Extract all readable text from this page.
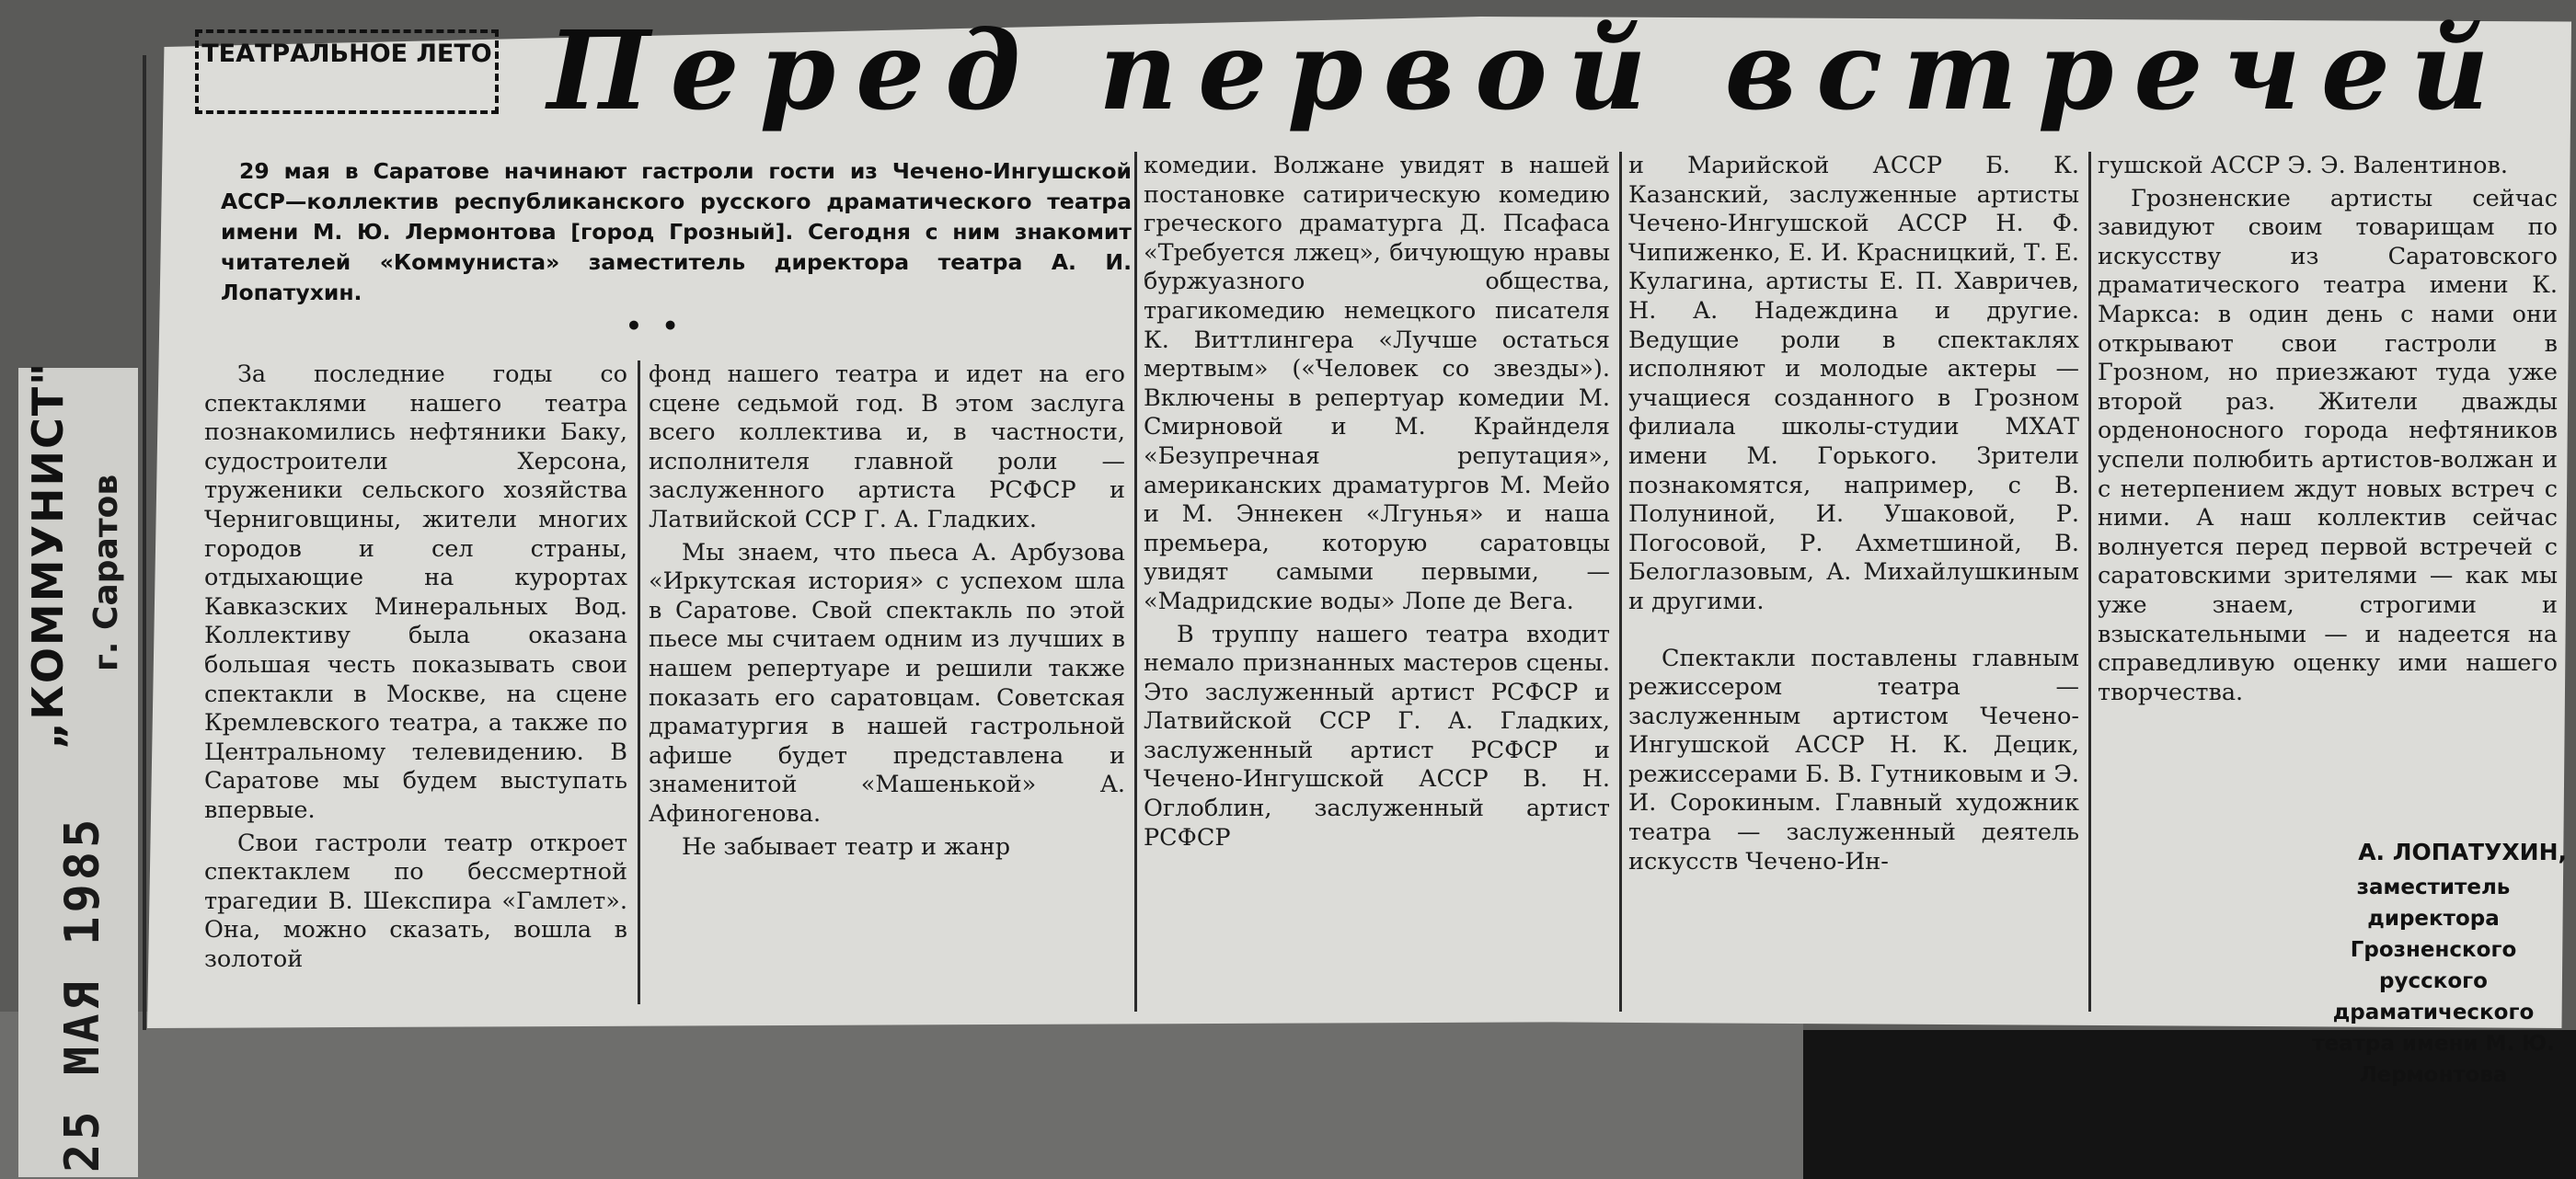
„КОММУНИСТ" г. Саратов
25 МАЯ 1985
ТЕАТРАЛЬНОЕ ЛЕТО Перед первой встречей

29 мая в Саратове начинают гастроли гости из Чечено-Ингушской АССР—коллектив республиканского русского драматического театра имени М. Ю. Лермонтова [город Грозный]. Сегодня с ним знакомит читателей «Коммуниста» заместитель директора театра А. И. Лопатухин.

• •

За последние годы со спектаклями нашего театра познакомились нефтяники Баку, судостроители Херсона, труженики сельского хозяйства Черниговщины, жители многих городов и сел страны, отдыхающие на курортах Кавказских Минеральных Вод. Коллективу была оказана большая честь показывать свои спектакли в Москве, на сцене Кремлевского театра, а также по Центральному телевидению. В Саратове мы будем выступать впервые.

Свои гастроли театр откроет спектаклем по бессмертной трагедии В. Шекспира «Гамлет». Она, можно сказать, вошла в золотой

фонд нашего театра и идет на его сцене седьмой год. В этом заслуга всего коллектива и, в частности, исполнителя главной роли — заслуженного артиста РСФСР и Латвийской ССР Г. А. Гладких.

Мы знаем, что пьеса А. Арбузова «Иркутская история» с успехом шла в Саратове. Свой спектакль по этой пьесе мы считаем одним из лучших в нашем репертуаре и решили также показать его саратовцам. Советская драматургия в нашей гастрольной афише будет представлена и знаменитой «Машенькой» А. Афиногенова.

Не забывает театр и жанр

комедии. Волжане увидят в нашей постановке сатирическую комедию греческого драматурга Д. Псафаса «Требуется лжец», бичующую нравы буржуазного общества, трагикомедию немецкого писателя К. Виттлингера «Лучше остаться мертвым» («Человек со звезды»). Включены в репертуар комедии М. Смирновой и М. Крайнделя «Безупречная репутация», американских драматургов М. Мейо и М. Эннекен «Лгунья» и наша премьера, которую саратовцы увидят самыми первыми, — «Мадридские воды» Лопе де Вега.

В труппу нашего театра входит немало признанных мастеров сцены. Это заслуженный артист РСФСР и Латвийской ССР Г. А. Гладких, заслуженный артист РСФСР и Чечено-Ингушской АССР В. Н. Оглоблин, заслуженный артист РСФСР

и Марийской АССР Б. К. Казанский, заслуженные артисты Чечено-Ингушской АССР Н. Ф. Чипиженко, Е. И. Красницкий, Т. Е. Кулагина, артисты Е. П. Хавричев, Н. А. Надеждина и другие. Ведущие роли в спектаклях исполняют и молодые актеры — учащиеся созданного в Грозном филиала школы-студии МХАТ имени М. Горького. Зрители познакомятся, например, с В. Полуниной, И. Ушаковой, Р. Погосовой, Р. Ахметшиной, В. Белоглазовым, А. Михайлушкиным и другими.

Спектакли поставлены главным режиссером театра — заслуженным артистом Чечено-Ингушской АССР Н. К. Децик, режиссерами Б. В. Гутниковым и Э. И. Сорокиным. Главный художник театра — заслуженный деятель искусств Чечено-Ин-

гушской АССР Э. Э. Валентинов.

Грозненские артисты сейчас завидуют своим товарищам по искусству из Саратовского драматического театра имени К. Маркса: в один день с нами они открывают свои гастроли в Грозном, но приезжают туда уже второй раз. Жители дважды орденоносного города нефтяников успели полюбить артистов-волжан и с нетерпением ждут новых встреч с ними. А наш коллектив сейчас волнуется перед первой встречей с саратовскими зрителями — как мы уже знаем, строгими и взыскательными — и надеется на справедливую оценку ими нашего творчества.

А. ЛОПАТУХИН,
заместитель директора Грозненского русского драматического театра имени М. Ю. Лермонтова
